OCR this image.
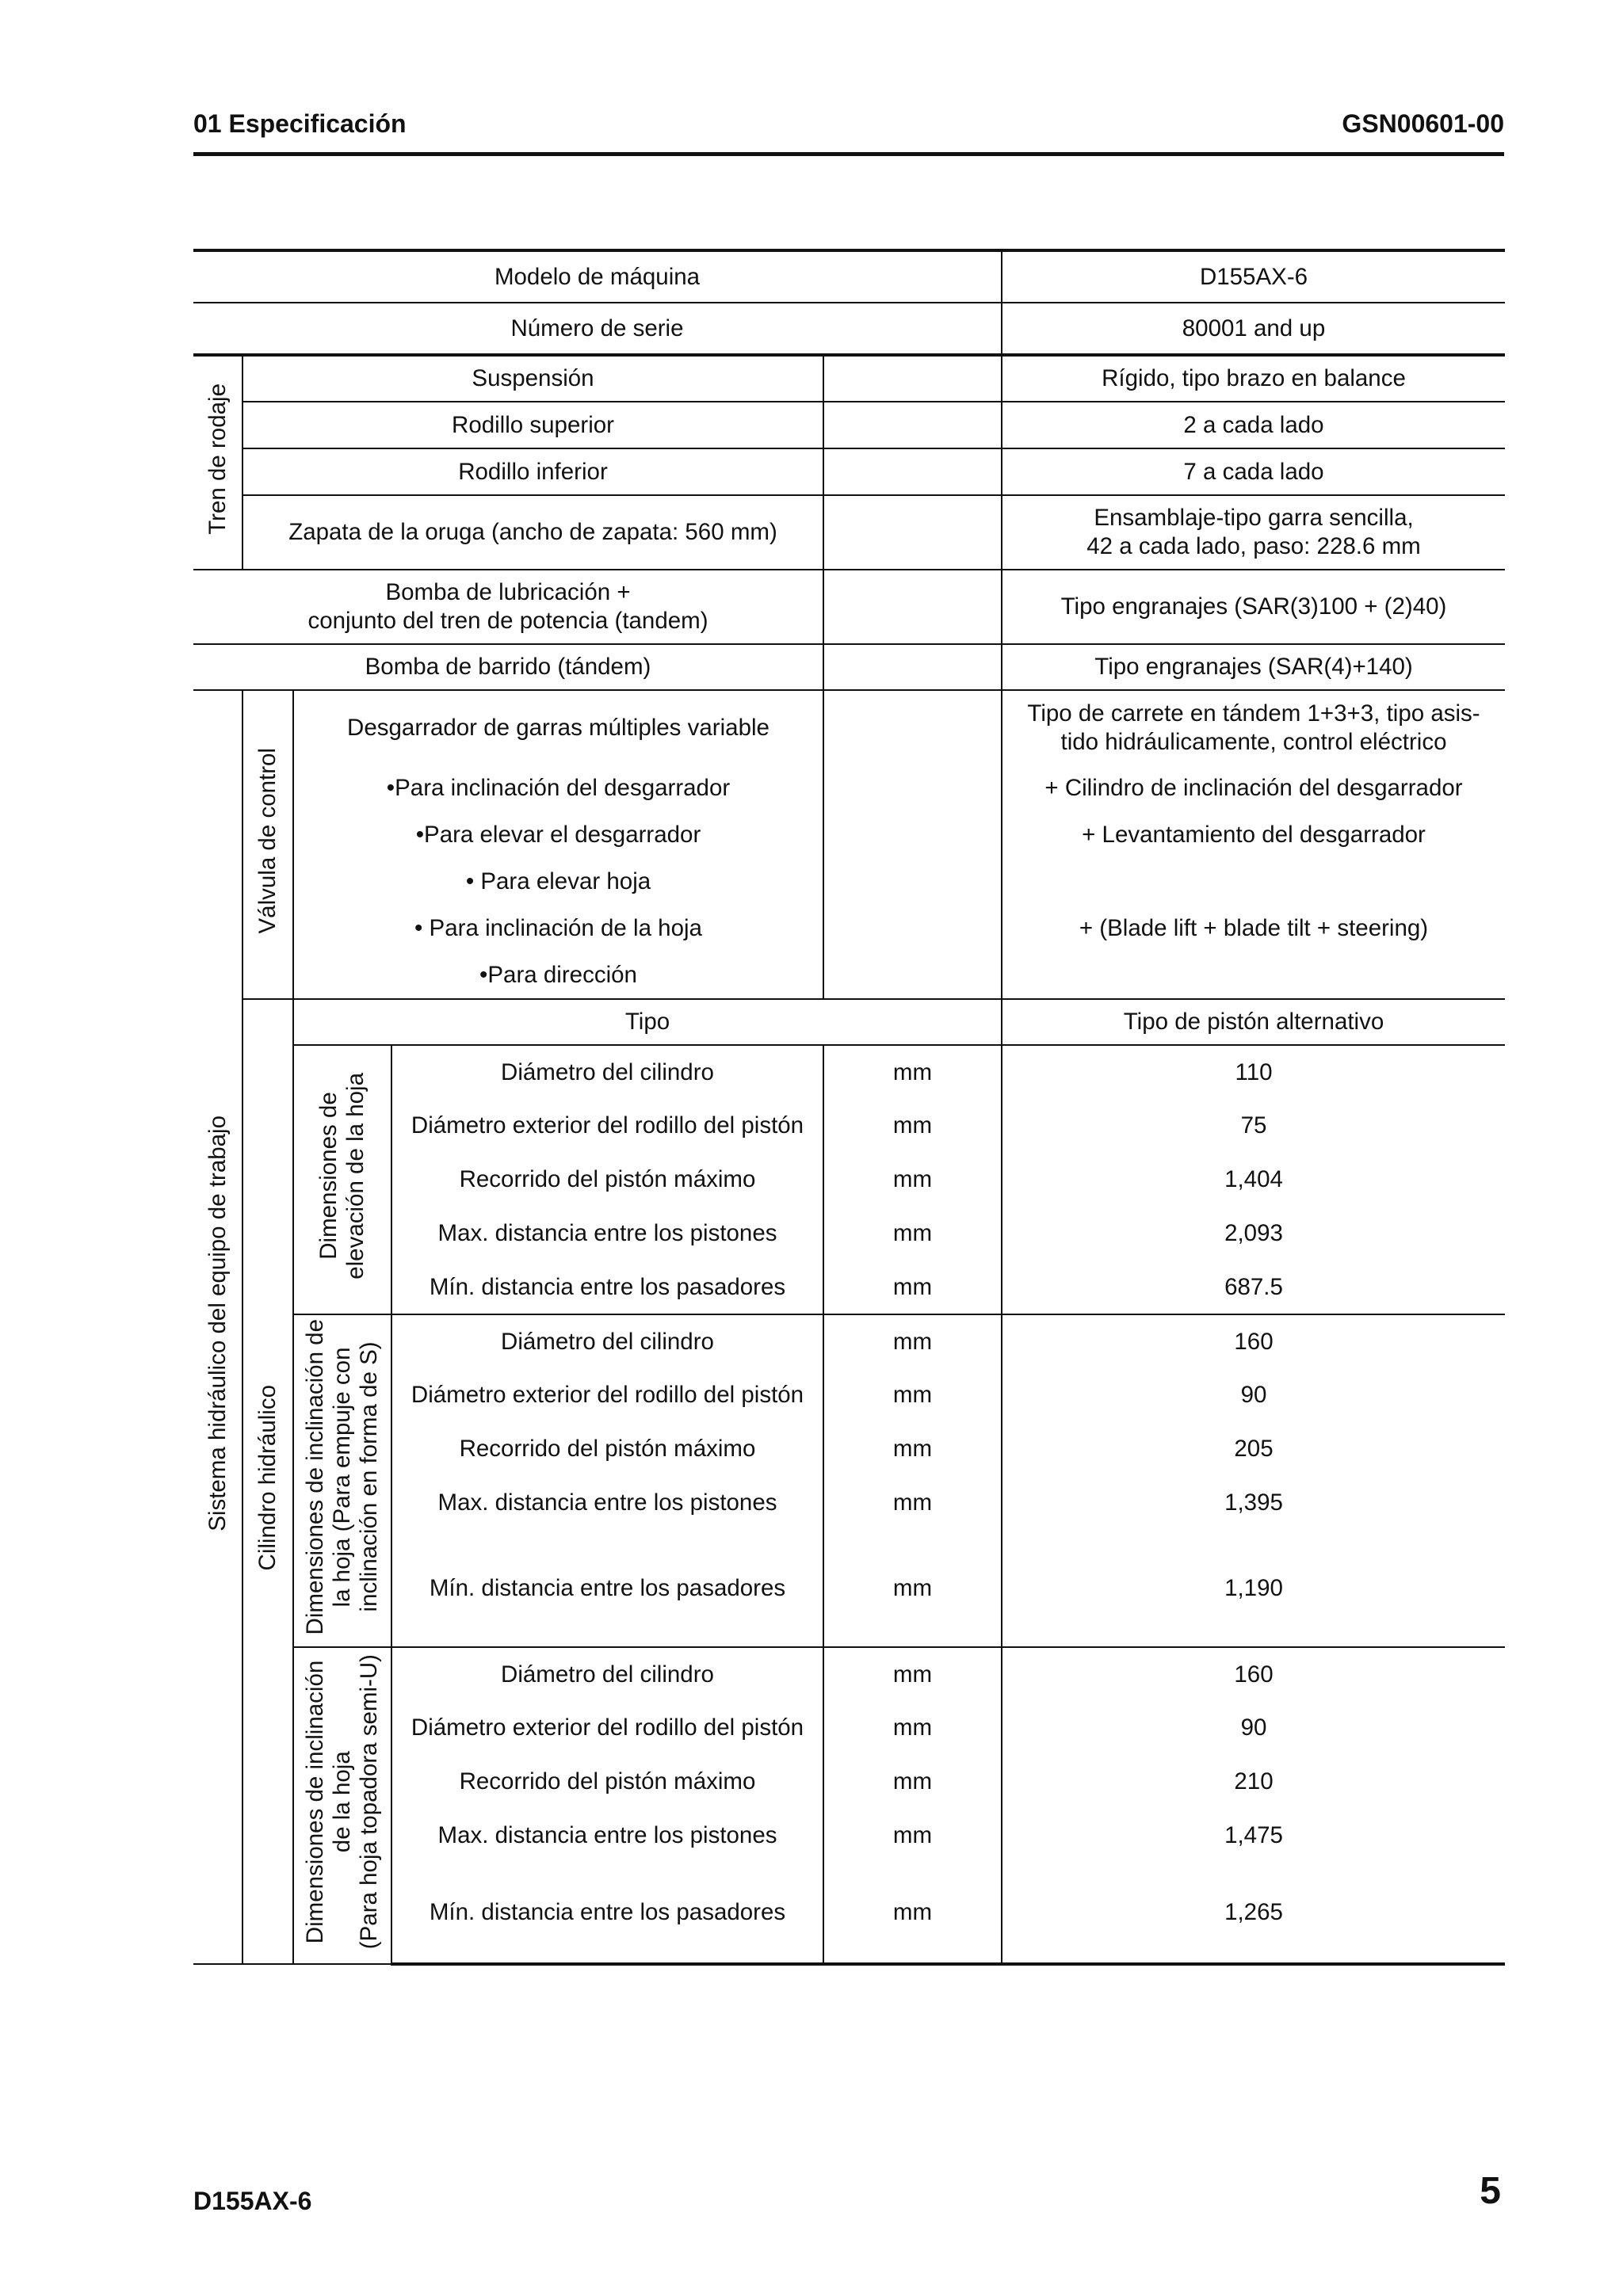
01 Especificación	GSN00601-00
Modelo de máquina					D155AX-6
Número de serie					80001 and up
Tren de rodaje	Suspensión				Rígido, tipo brazo en balance
	Rodillo superior				2 a cada lado
	Rodillo inferior				7 a cada lado
	Zapata de la oruga (ancho de zapata: 560 mm)				Ensamblaje-tipo garra sencilla,
42 a cada lado, paso: 228.6 mm

Bomba de lubricación +
conjunto del tren de potencia (tandem)					Tipo engranajes (SAR(3)100 + (2)40)
Bomba de barrido (tándem)					Tipo engranajes (SAR(4)+140)
Sistema hidráulico del equipo de trabajo	Válvula de control	Desgarrador de garras múltiples variable			Tipo de carrete en tándem 1+3+3, tipo asis-
tido hidráulicamente, control eléctrico

		•Para inclinación del desgarrador			+ Cilindro de inclinación del desgarrador
		•Para elevar el desgarrador			+ Levantamiento del desgarrador
		• Para elevar hoja			
		• Para inclinación de la hoja			+ (Blade lift + blade tilt + steering)
		•Para dirección			
	Cilindro hidráulico	Tipo			Tipo de pistón alternativo
		Dimensiones de
elevación de la hoja	Diámetro del cilindro	mm	110
			Diámetro exterior del rodillo del pistón	mm	75
			Recorrido del pistón máximo	mm	1,404
			Max. distancia entre los pistones	mm	2,093
			Mín. distancia entre los pasadores	mm	687.5
		Dimensiones de inclinación de
la hoja (Para empuje con
inclinación en forma de S)	Diámetro del cilindro	mm	160
			Diámetro exterior del rodillo del pistón	mm	90
			Recorrido del pistón máximo	mm	205
			Max. distancia entre los pistones	mm	1,395
			Mín. distancia entre los pasadores	mm	1,190
		Dimensiones de inclinación
de la hoja
(Para hoja topadora semi-U)	Diámetro del cilindro	mm	160
			Diámetro exterior del rodillo del pistón	mm	90
			Recorrido del pistón máximo	mm	210
			Max. distancia entre los pistones	mm	1,475
			Mín. distancia entre los pasadores	mm	1,265
D155AX-6	5
